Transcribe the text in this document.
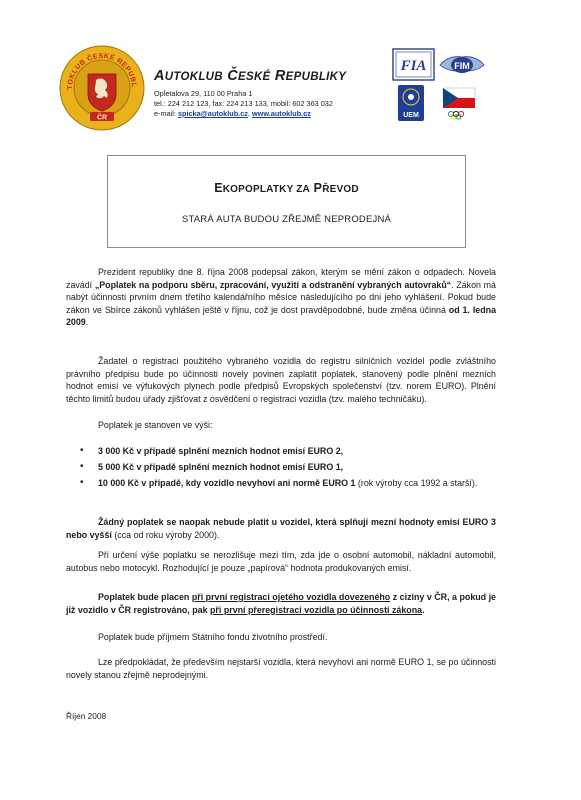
TOKLUB ČESKÉ REPUBL
ČR
AUTOKLUB ČESKÉ REPUBLIKY
Opletalova 29, 110 00 Praha 1
tel.: 224 212 123, fax: 224 213 133, mobil: 602 363 032
e-mail: spicka@autoklub.cz, www.autoklub.cz
FIA	FIM
UEM
EKOPOPLATKY ZA PŘEVOD
STARÁ AUTA BUDOU ZŘEJMĚ NEPRODEJNÁ
Prezident republiky dne 8. října 2008 podepsal zákon, kterým se mění zákon o odpadech. Novela zavádí „Poplatek na podporu sběru, zpracování, využití a odstranění vybraných autovraků“. Zákon má nabýt účinnosti prvním dnem třetího kalendářního měsíce následujícího po dni jeho vyhlášení. Pokud bude zákon ve Sbírce zákonů vyhlášen ještě v říjnu, což je dost pravděpodobné, bude změna účinná od 1. ledna 2009.
Žadatel o registraci použitého vybraného vozidla do registru silničních vozidel podle zvláštního právního předpisu bude po účinnosti novely povinen zaplatit poplatek, stanovený podle plnění mezních hodnot emisí ve výfukových plynech podle předpisů Evropských společenství (tzv. norem EURO). Plnění těchto limitů budou úřady zjišťovat z osvědčení o registraci vozidla (tzv. malého techničáku).
Poplatek je stanoven ve výši:
• 3 000 Kč v případě splnění mezních hodnot emisí EURO 2,
• 5 000 Kč v případě splnění mezních hodnot emisí EURO 1,
• 10 000 Kč v případě, kdy vozidlo nevyhoví ani normě EURO 1 (rok výroby cca 1992 a starší).
Žádný poplatek se naopak nebude platit u vozidel, která splňují mezní hodnoty emisí EURO 3 nebo vyšší (cca od roku výroby 2000).
Při určení výše poplatku se nerozlišuje mezi tím, zda jde o osobní automobil, nákladní automobil, autobus nebo motocykl. Rozhodující je pouze „papírová“ hodnota produkovaných emisí.
Poplatek bude placen při první registraci ojetého vozidla dovezeného z ciziny v ČR, a pokud je již vozidlo v ČR registrováno, pak při první přeregistraci vozidla po účinnosti zákona.
Poplatek bude příjmem Státního fondu životního prostředí.
Lze předpokládat, že především nejstarší vozidla, která nevyhoví ani normě EURO 1, se po účinnosti novely stanou zřejmě neprodejnými.
Říjen 2008
